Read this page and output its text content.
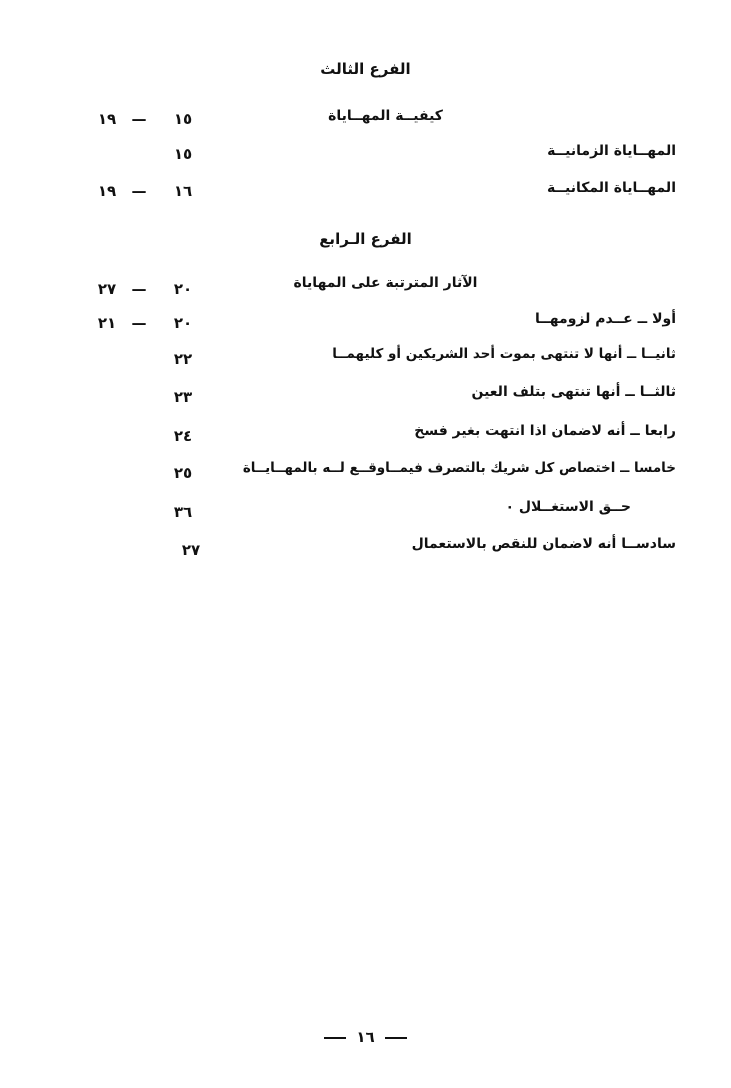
الفرع الثالث
كيفيــة المهــاياة
١٩ — ١٥
المهــاياة الزمانيــة
١٥
المهــاياة المكانيــة
١٩ — ١٦
الفرع الـرابع
الآثار المترتبة على المهاياة
٢٧ — ٢٠
أولا ــ عــدم لزومهــا
٢١ — ٢٠
ثانيــا ــ أنها لا تنتهى بموت أحد الشريكين أو كليهمــا
٢٢
ثالثــا ــ أنها تنتهى بتلف العين
٢٣
رابعا ــ أنه لاضمان اذا انتهت بغير فسخ
٢٤
خامسا ــ اختصاص كل شريك بالتصرف فيمــاوقــع لــه بالمهــايــاة
٢٥
حــق الاستغــلال ٠
٣٦
سادســا أنه لاضمان للنقص بالاستعمال
٢٧
١٦
